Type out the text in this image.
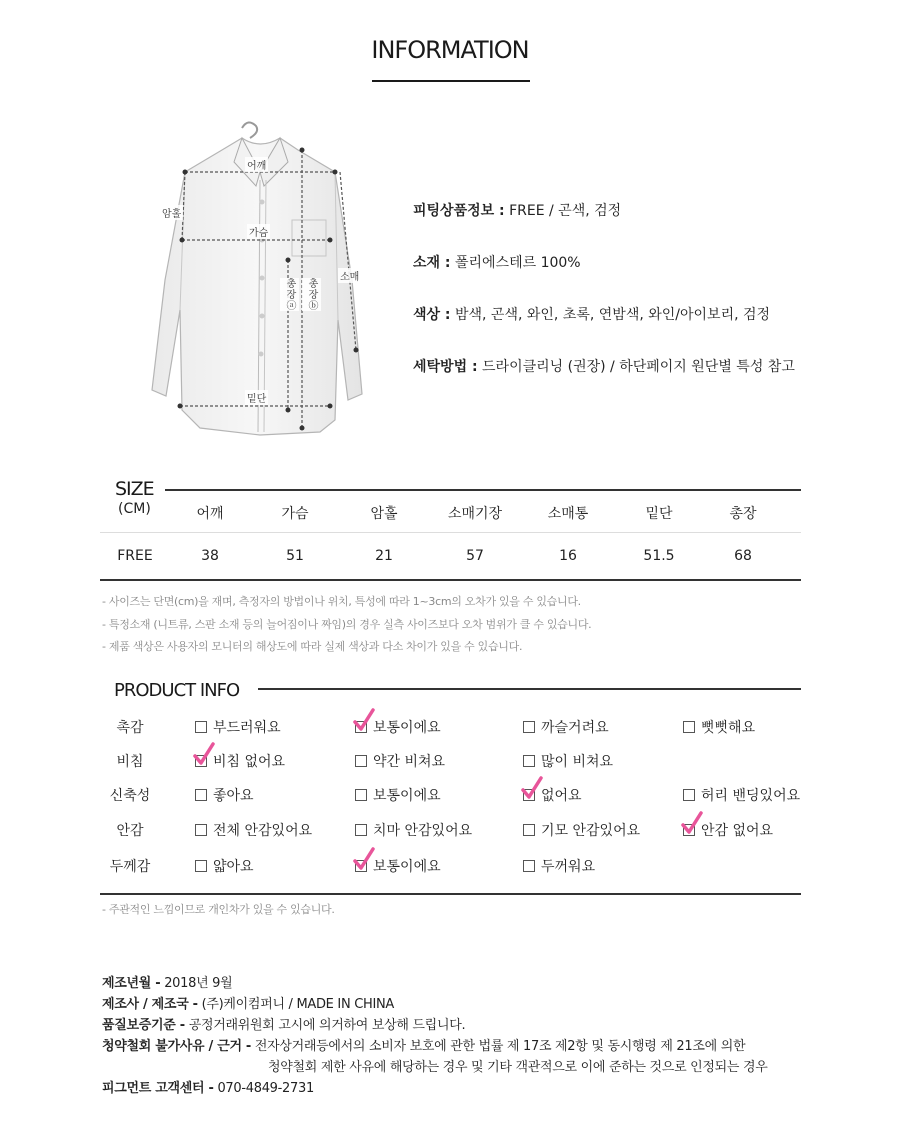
INFORMATION
어깨
암홀
가슴
소매
총장ⓐ	총장ⓑ
밑단
피팅상품정보 : FREE / 곤색, 검정
소재 : 폴리에스테르 100%
색상 : 밤색, 곤색, 와인, 초록, 연밤색, 와인/아이보리, 검정
세탁방법 : 드라이클리닝 (권장) / 하단페이지 원단별 특성 참고
SIZE
(CM)	어깨	가슴	암홀	소매기장	소매통	밑단	총장
FREE	38	51	21	57	16	51.5	68
- 사이즈는 단면(cm)을 재며, 측정자의 방법이나 위치, 특성에 따라 1~3cm의 오차가 있을 수 있습니다.
- 특정소재 (니트류, 스판 소재 등의 늘어짐이나 짜임)의 경우 실측 사이즈보다 오차 범위가 클 수 있습니다.
- 제품 색상은 사용자의 모니터의 해상도에 따라 실제 색상과 다소 차이가 있을 수 있습니다.
PRODUCT INFO
촉감	부드러워요	보통이에요	까슬거려요	뻣뻣해요
비침	비침 없어요	약간 비쳐요	많이 비쳐요
신축성	좋아요	보통이에요	없어요	허리 밴딩있어요
안감	전체 안감있어요	치마 안감있어요	기모 안감있어요	안감 없어요
두께감	얇아요	보통이에요	두꺼워요
- 주관적인 느낌이므로 개인차가 있을 수 있습니다.
제조년월 - 2018년 9월
제조사 / 제조국 - (주)케이컴퍼니 / MADE IN CHINA
품질보증기준 - 공정거래위원회 고시에 의거하여 보상해 드립니다.
청약철회 불가사유 / 근거 - 전자상거래등에서의 소비자 보호에 관한 법률 제 17조 제2항 및 동시행령 제 21조에 의한
청약철회 제한 사유에 해당하는 경우 및 기타 객관적으로 이에 준하는 것으로 인정되는 경우
피그먼트 고객센터 - 070-4849-2731
